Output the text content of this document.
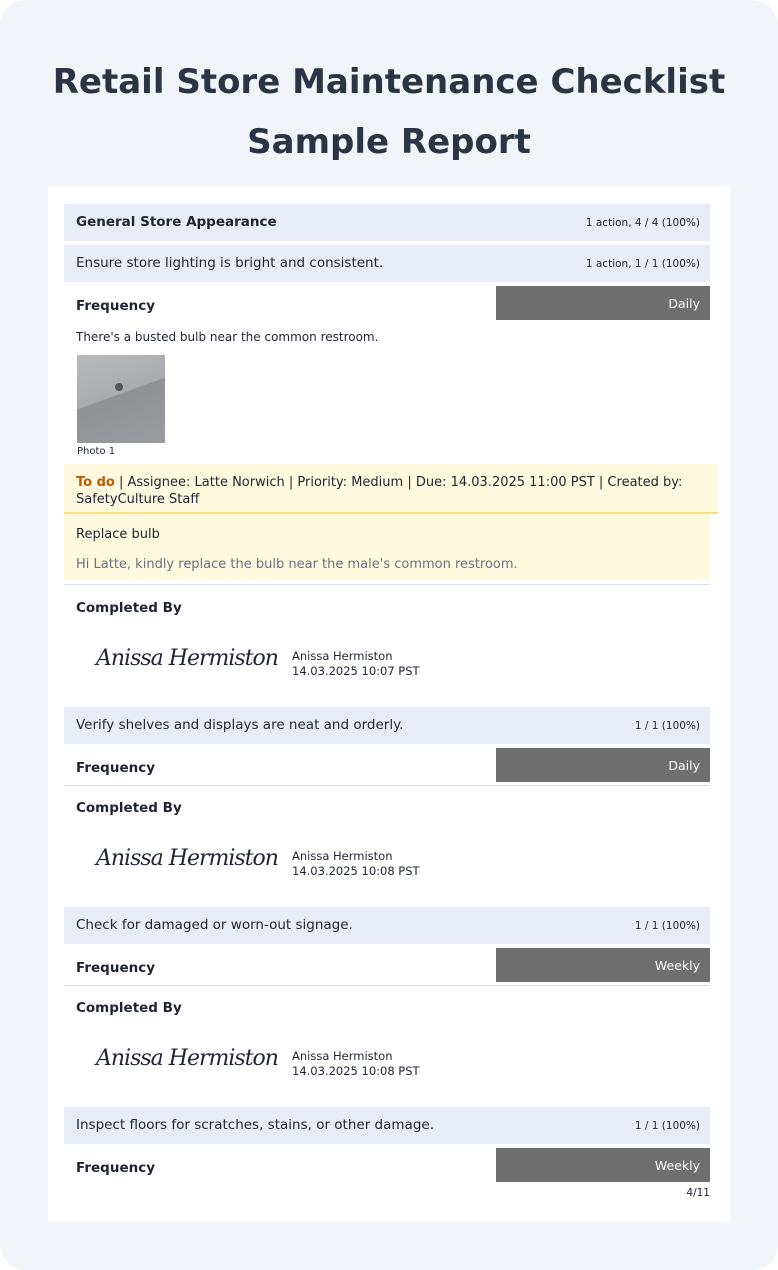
Retail Store Maintenance Checklist
Sample Report
General Store Appearance	1 action, 4 / 4 (100%)
Ensure store lighting is bright and consistent.	1 action, 1 / 1 (100%)
Frequency	Daily
There's a busted bulb near the common restroom.
Photo 1
To do | Assignee: Latte Norwich | Priority: Medium | Due: 14.03.2025 11:00 PST | Created by: SafetyCulture Staff
Replace bulb
Hi Latte, kindly replace the bulb near the male's common restroom.
Completed By
Anissa Hermiston Anissa Hermiston
14.03.2025 10:07 PST
Verify shelves and displays are neat and orderly.	1 / 1 (100%)
Frequency	Daily
Completed By
Anissa Hermiston Anissa Hermiston
14.03.2025 10:08 PST
Check for damaged or worn-out signage.	1 / 1 (100%)
Frequency	Weekly
Completed By
Anissa Hermiston Anissa Hermiston
14.03.2025 10:08 PST
Inspect floors for scratches, stains, or other damage.	1 / 1 (100%)
Frequency	Weekly
4/11
